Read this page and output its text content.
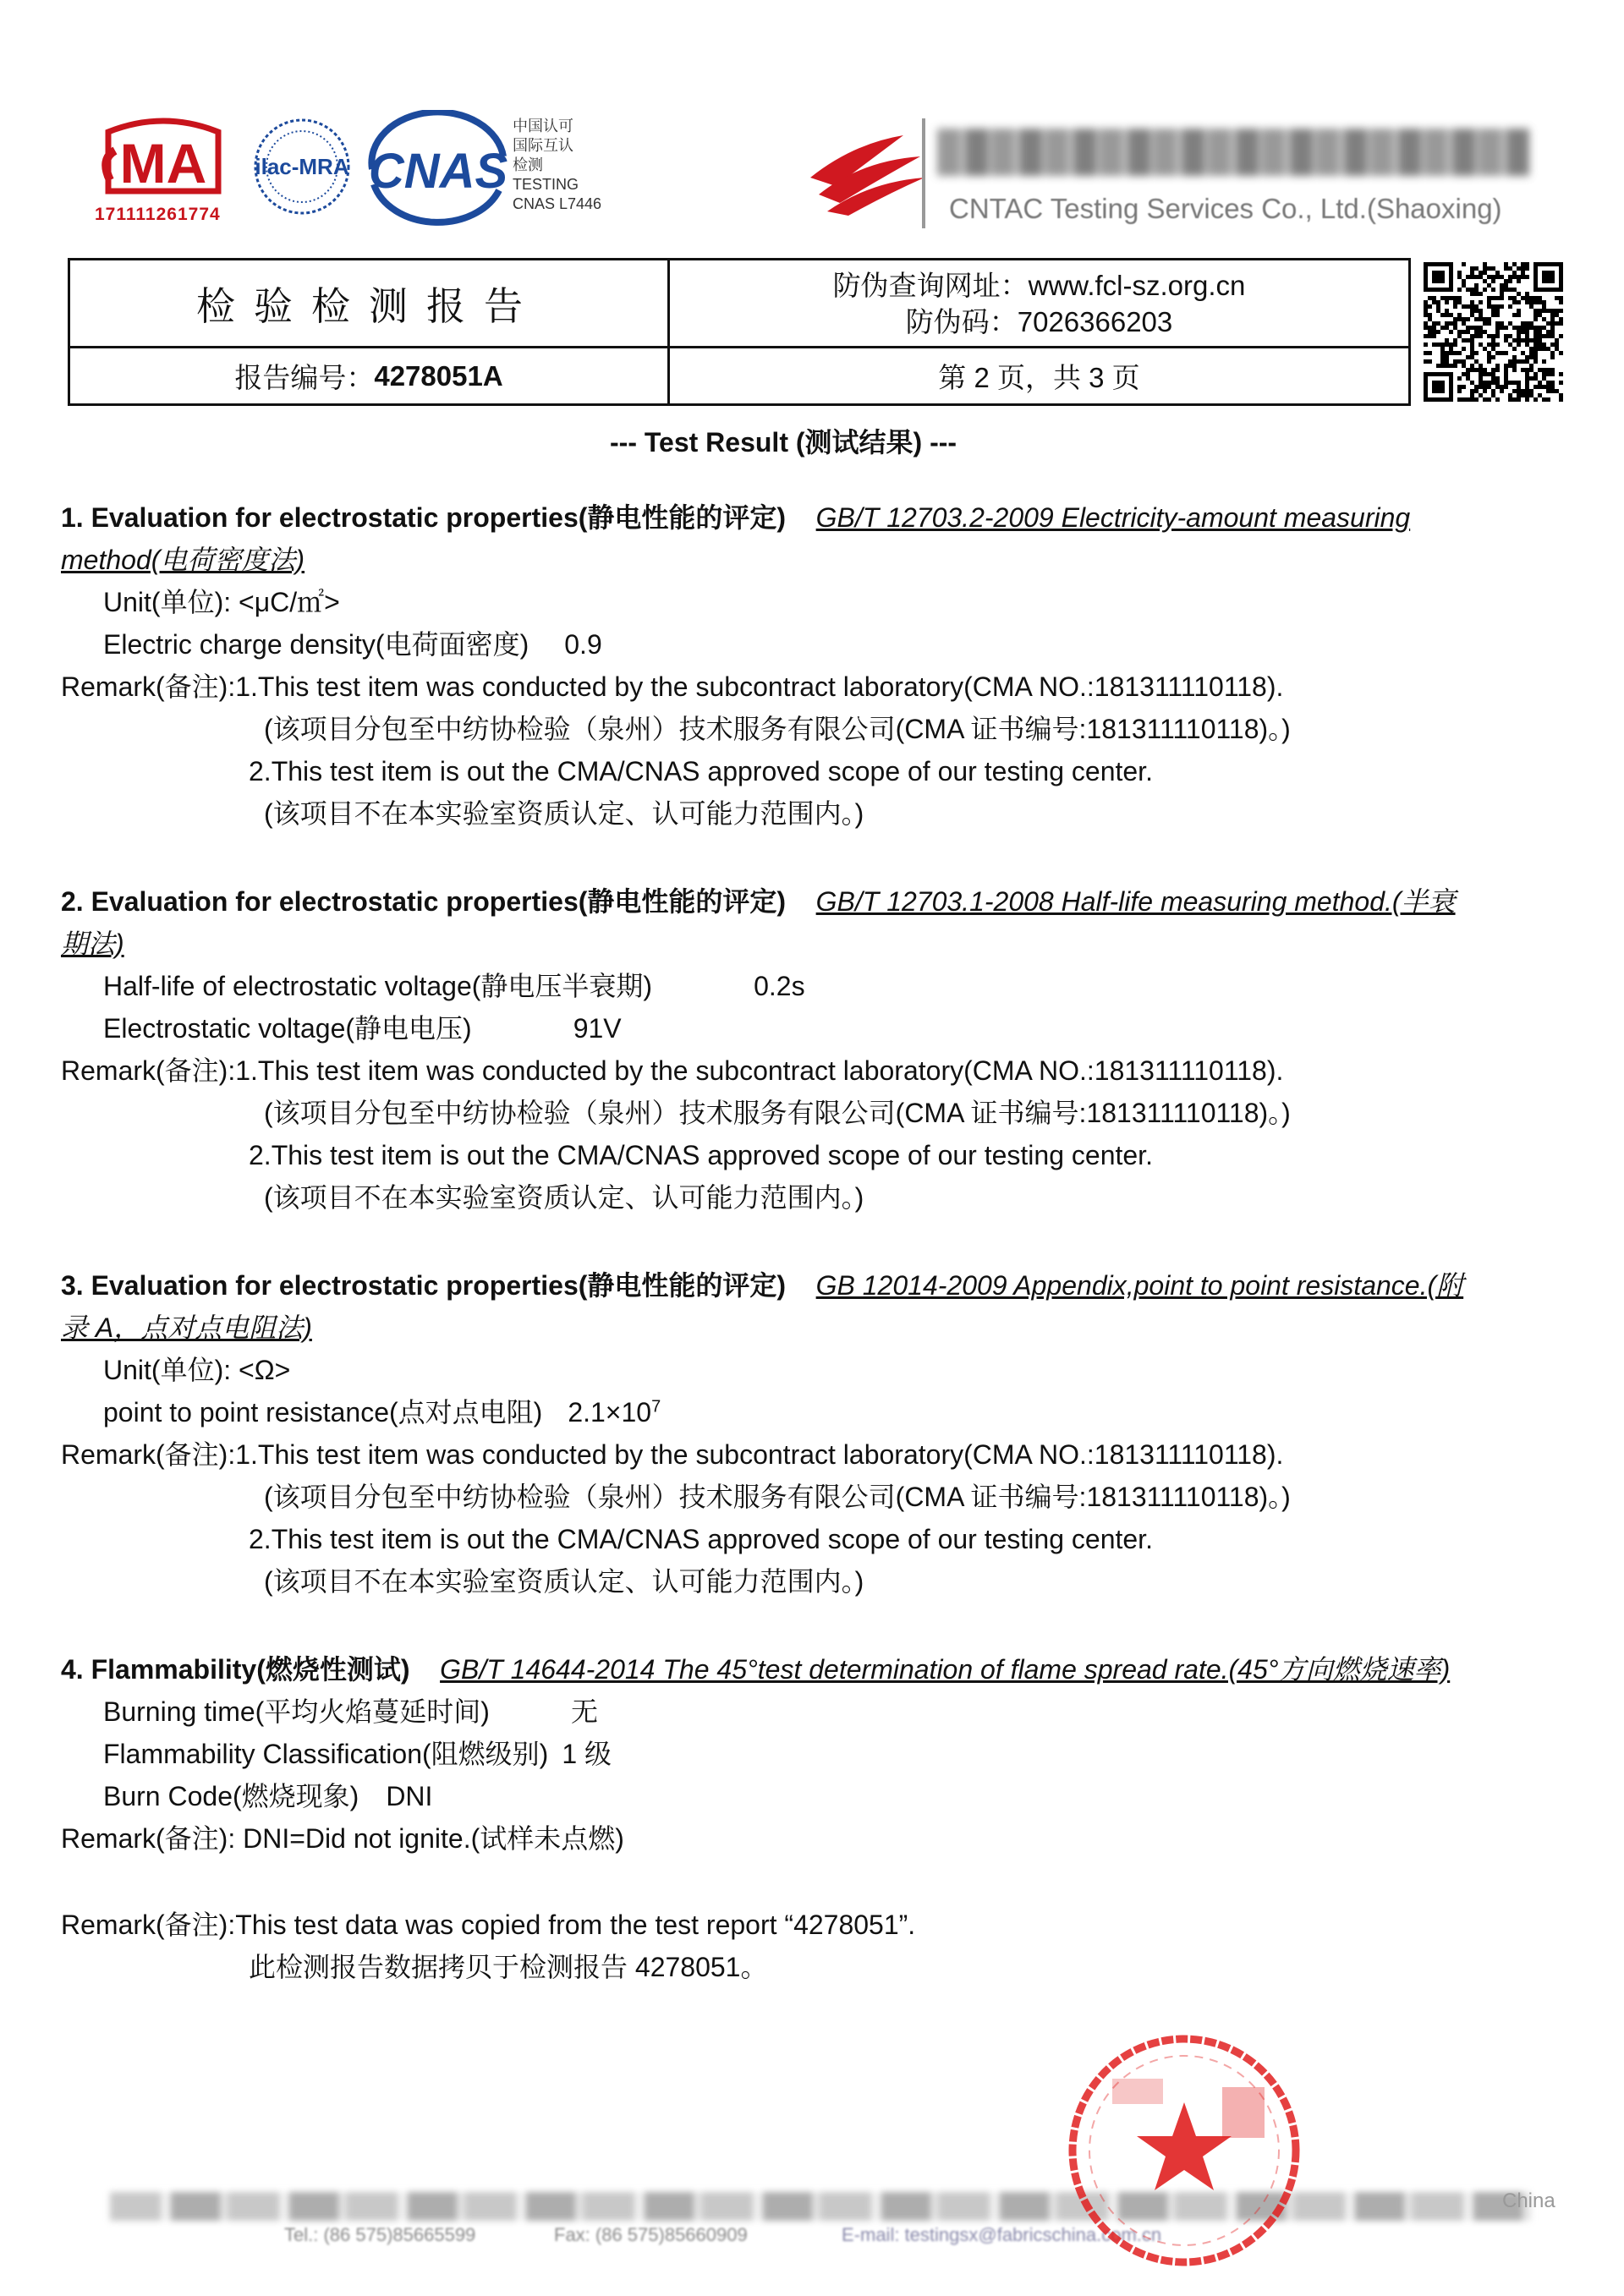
MA
171111261774
ilac-MRA CNAS
中国认可
国际互认
检测
TESTING
CNAS L7446	CNTAC Testing Services Co., Ltd.(Shaoxing)
检验检测报告	防伪查询网址：www.fcl-sz.org.cn
防伪码：7026366203
报告编号： 4278051A	第 2 页，共 3 页
--- Test Result (测试结果) ---
1. Evaluation for electrostatic properties(静电性能的评定) GB/T 12703.2-2009 Electricity-amount measuring
method(电荷密度法)
Unit(单位): <μC/㎡>
Electric charge density(电荷面密度) 0.9
Remark(备注):1.This test item was conducted by the subcontract laboratory(CMA NO.:181311110118).
(该项目分包至中纺协检验（泉州）技术服务有限公司(CMA 证书编号:181311110118)。)
2.This test item is out the CMA/CNAS approved scope of our testing center.
(该项目不在本实验室资质认定、认可能力范围内。)
2. Evaluation for electrostatic properties(静电性能的评定) GB/T 12703.1-2008 Half-life measuring method.(半衰
期法)
Half-life of electrostatic voltage(静电压半衰期)	0.2s
Electrostatic voltage(静电电压)	91V
Remark(备注):1.This test item was conducted by the subcontract laboratory(CMA NO.:181311110118).
(该项目分包至中纺协检验（泉州）技术服务有限公司(CMA 证书编号:181311110118)。)
2.This test item is out the CMA/CNAS approved scope of our testing center.
(该项目不在本实验室资质认定、认可能力范围内。)
3. Evaluation for electrostatic properties(静电性能的评定) GB 12014-2009 Appendix,point to point resistance.(附
录 A，点对点电阻法)
Unit(单位): <Ω>
point to point resistance(点对点电阻) $2.1\times 10^7$
Remark(备注):1.This test item was conducted by the subcontract laboratory(CMA NO.:181311110118).
(该项目分包至中纺协检验（泉州）技术服务有限公司(CMA 证书编号:181311110118)。)
2.This test item is out the CMA/CNAS approved scope of our testing center.
(该项目不在本实验室资质认定、认可能力范围内。)
4. Flammability(燃烧性测试) GB/T 14644-2014 The 45°test determination of flame spread rate.(45°方向燃烧速率)
Burning time(平均火焰蔓延时间)	无
Flammability Classification(阻燃级别) 1 级
Burn Code(燃烧现象) DNI
Remark(备注): DNI=Did not ignite.(试样未点燃)
Remark(备注):This test data was copied from the test report “4278051”.
此检测报告数据拷贝于检测报告 4278051。
China
Tel.: (86 575)85665599	Fax: (86 575)85660909	E-mail: testingsx@fabricschina.com.cn
